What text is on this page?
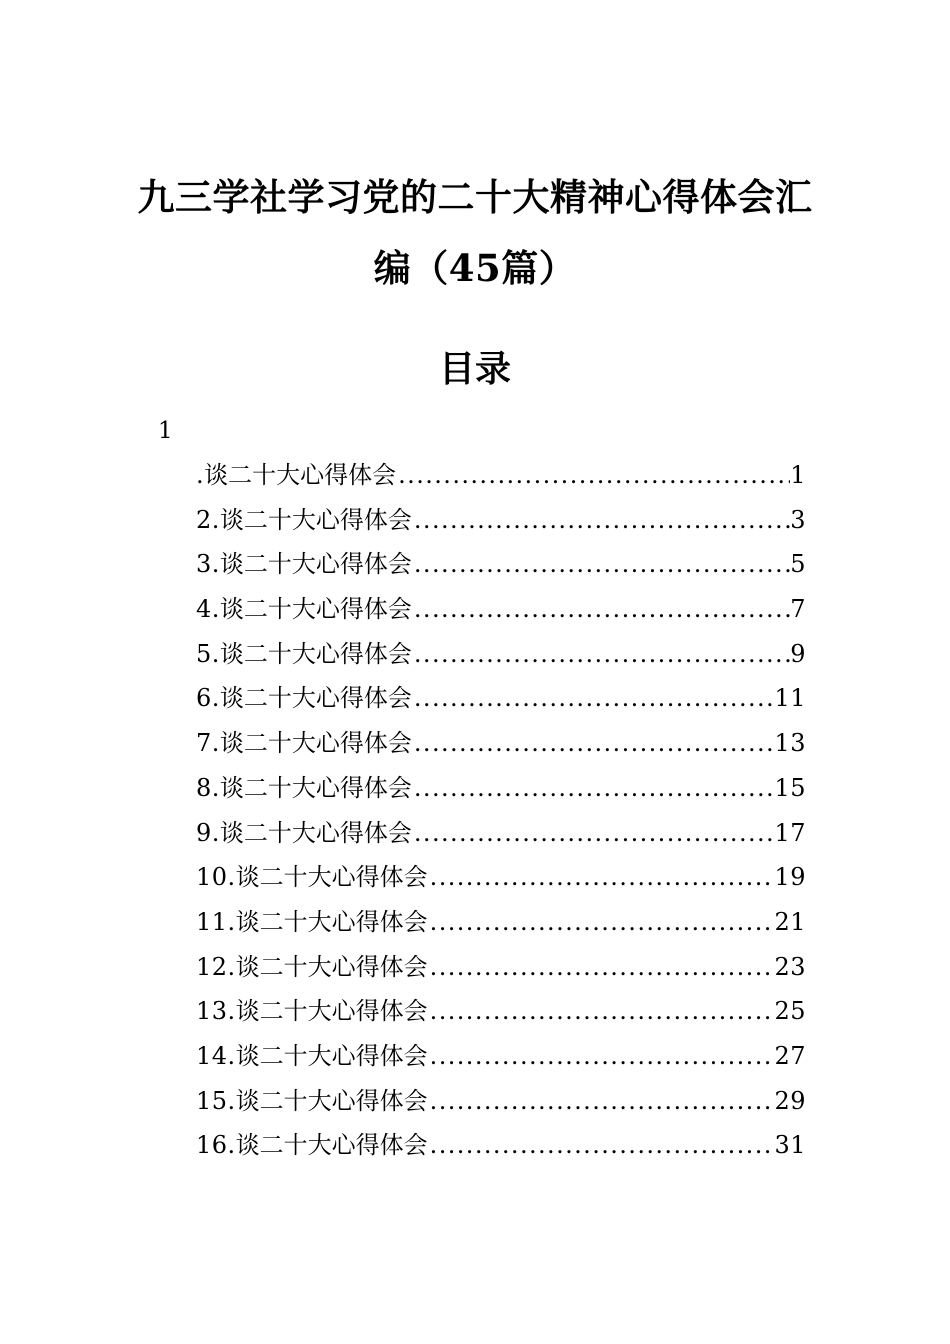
九三学社学习党的二十大精神心得体会汇
编（45篇）
目录
1
. 谈二十大心得体会 .....	1
2. 谈二十大心得体会 .....	3
3. 谈二十大心得体会 .....	5
4. 谈二十大心得体会 .....	7
5. 谈二十大心得体会 .....	9
6. 谈二十大心得体会 .....	11
7. 谈二十大心得体会 .....	13
8. 谈二十大心得体会 .....	15
9. 谈二十大心得体会 .....	17
10. 谈二十大心得体会 .....	19
11. 谈二十大心得体会 .....	21
12. 谈二十大心得体会 .....	23
13. 谈二十大心得体会 .....	25
14. 谈二十大心得体会 .....	27
15. 谈二十大心得体会 .....	29
16. 谈二十大心得体会 .....	31
